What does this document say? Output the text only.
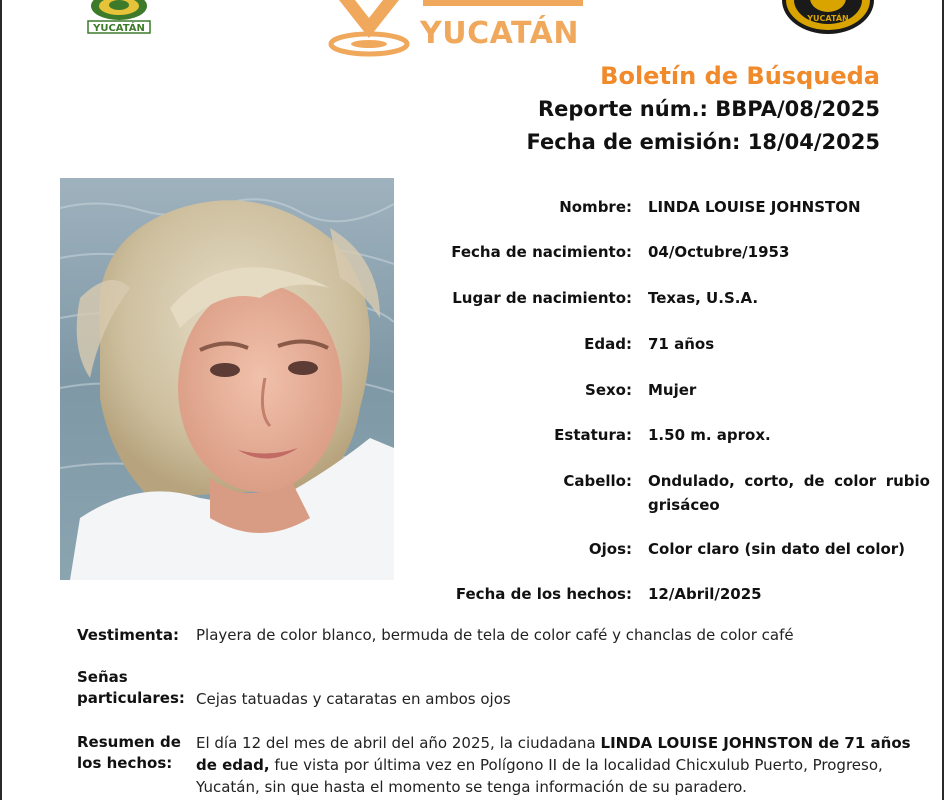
YUCATÁN	YUCATÁN	YUCATÁN
Boletín de Búsqueda
Reporte núm.: BBPA/08/2025
Fecha de emisión: 18/04/2025
Nombre: LINDA LOUISE JOHNSTON
Fecha de nacimiento: 04/Octubre/1953
Lugar de nacimiento: Texas, U.S.A.
Edad: 71 años
Sexo: Mujer
Estatura: 1.50 m. aprox.
Cabello: Ondulado, corto, de color rubio grisáceo
Ojos: Color claro (sin dato del color)
Fecha de los hechos: 12/Abril/2025
Vestimenta:	Playera de color blanco, bermuda de tela de color café y chanclas de color café
Señas
particulares: Cejas tatuadas y cataratas en ambos ojos
Resumen de
los hechos:
El día 12 del mes de abril del año 2025, la ciudadana LINDA LOUISE JOHNSTON de 71 años de edad, fue vista por última vez en Polígono II de la localidad Chicxulub Puerto, Progreso, Yucatán, sin que hasta el momento se tenga información de su paradero.
